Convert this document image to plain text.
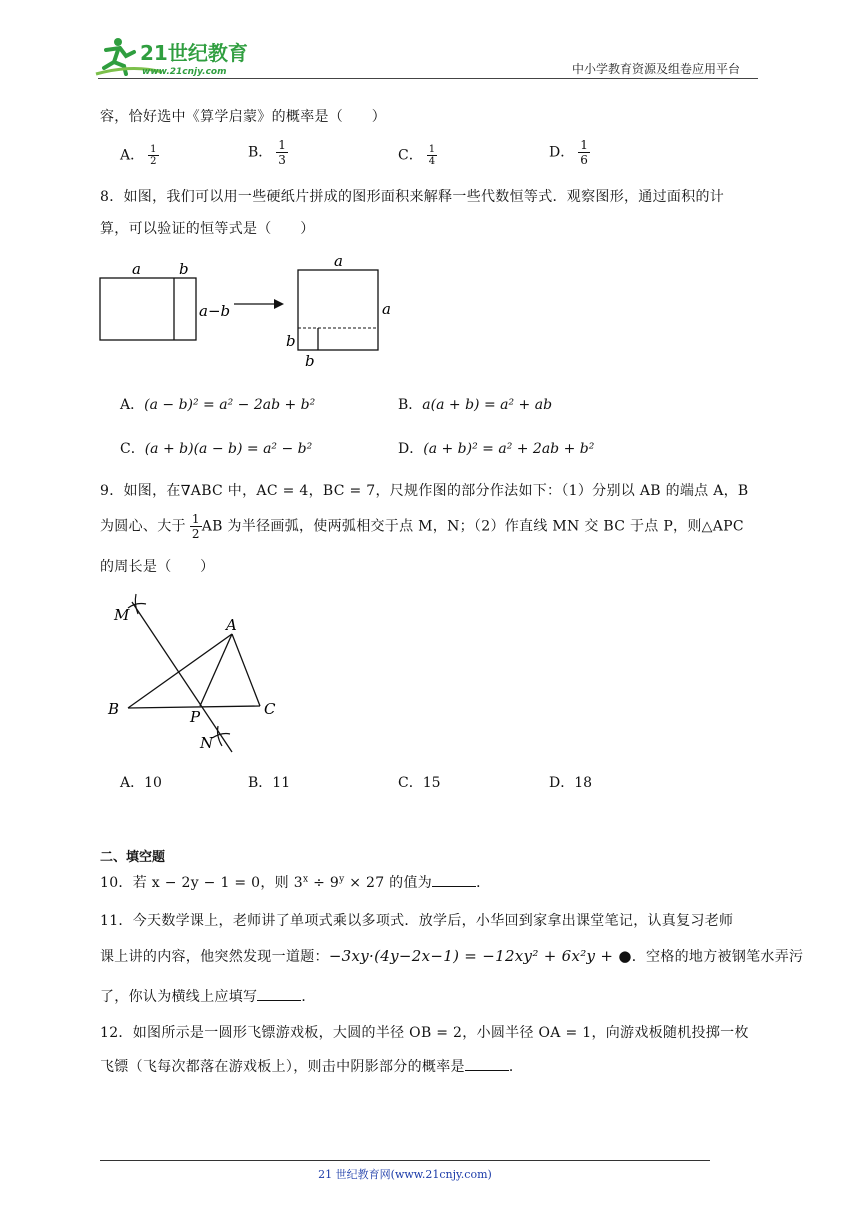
21世纪教育
www.21cnjy.com	中小学教育资源及组卷应用平台
容，恰好选中《算学启蒙》的概率是（　　）
A． $\frac{1}{2}$	B． $\frac{1}{3}$	C． $\frac{1}{4}$	D． $\frac{1}{6}$
8．如图，我们可以用一些硬纸片拼成的图形面积来解释一些代数恒等式．观察图形，通过面积的计
算，可以验证的恒等式是（　　）
a	b
a−b
a
a
b
b
A．(a − b)² = a² − 2ab + b²	B．a(a + b) = a² + ab
C．(a + b)(a − b) = a² − b²	D．(a + b)² = a² + 2ab + b²
9．如图，在∇ABC 中，AC = 4，BC = 7，尺规作图的部分作法如下：（1）分别以 AB 的端点 A，B
为圆心、大于 $\frac{1}{2}$ AB 为半径画弧，使两弧相交于点 M，N；（2）作直线 MN 交 BC 于点 P，则△APC
的周长是（　　）
M
A
B	P	C
N
A．10	B．11	C．15	D．18
二、填空题
10．若 x − 2y − 1 = 0，则 $3^x \div 9^y \times 27$ 的值为	．
11．今天数学课上，老师讲了单项式乘以多项式．放学后，小华回到家拿出课堂笔记，认真复习老师
课上讲的内容，他突然发现一道题：−3xy·(4y−2x−1) = −12xy² + 6x²y + ●．空格的地方被钢笔水弄污
了，你认为横线上应填写	．
12．如图所示是一圆形飞镖游戏板，大圆的半径 OB = 2，小圆半径 OA = 1，向游戏板随机投掷一枚
飞镖（飞每次都落在游戏板上），则击中阴影部分的概率是	．
21 世纪教育网(www.21cnjy.com)
